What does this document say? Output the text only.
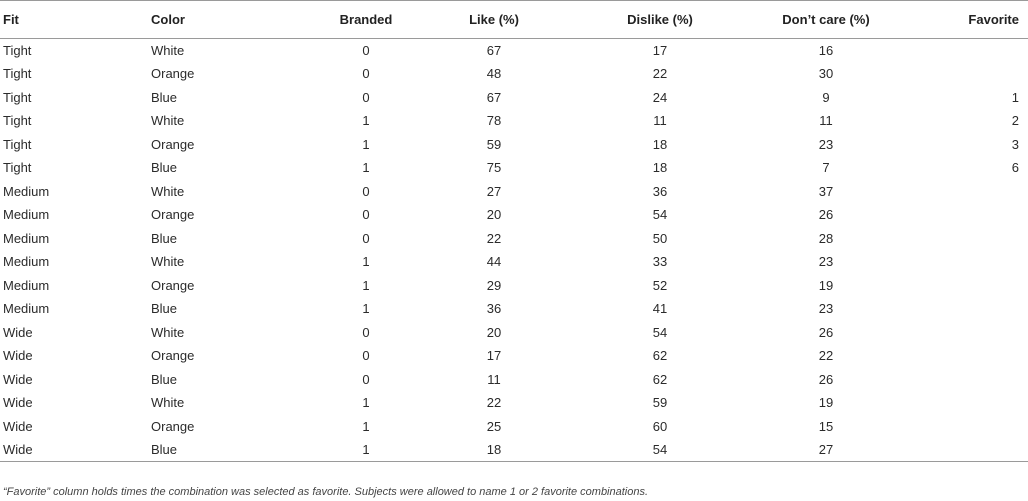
Fit	Color	Branded	Like (%)	Dislike (%)	Don’t care (%)	Favorite
Tight	White	0	67	17	16	
Tight	Orange	0	48	22	30	
Tight	Blue	0	67	24	9	1
Tight	White	1	78	11	11	2
Tight	Orange	1	59	18	23	3
Tight	Blue	1	75	18	7	6
Medium	White	0	27	36	37	
Medium	Orange	0	20	54	26	
Medium	Blue	0	22	50	28	
Medium	White	1	44	33	23	
Medium	Orange	1	29	52	19	
Medium	Blue	1	36	41	23	
Wide	White	0	20	54	26	
Wide	Orange	0	17	62	22	
Wide	Blue	0	11	62	26	
Wide	White	1	22	59	19	
Wide	Orange	1	25	60	15	
Wide	Blue	1	18	54	27	
“Favorite” column holds times the combination was selected as favorite. Subjects were allowed to name 1 or 2 favorite combinations.
